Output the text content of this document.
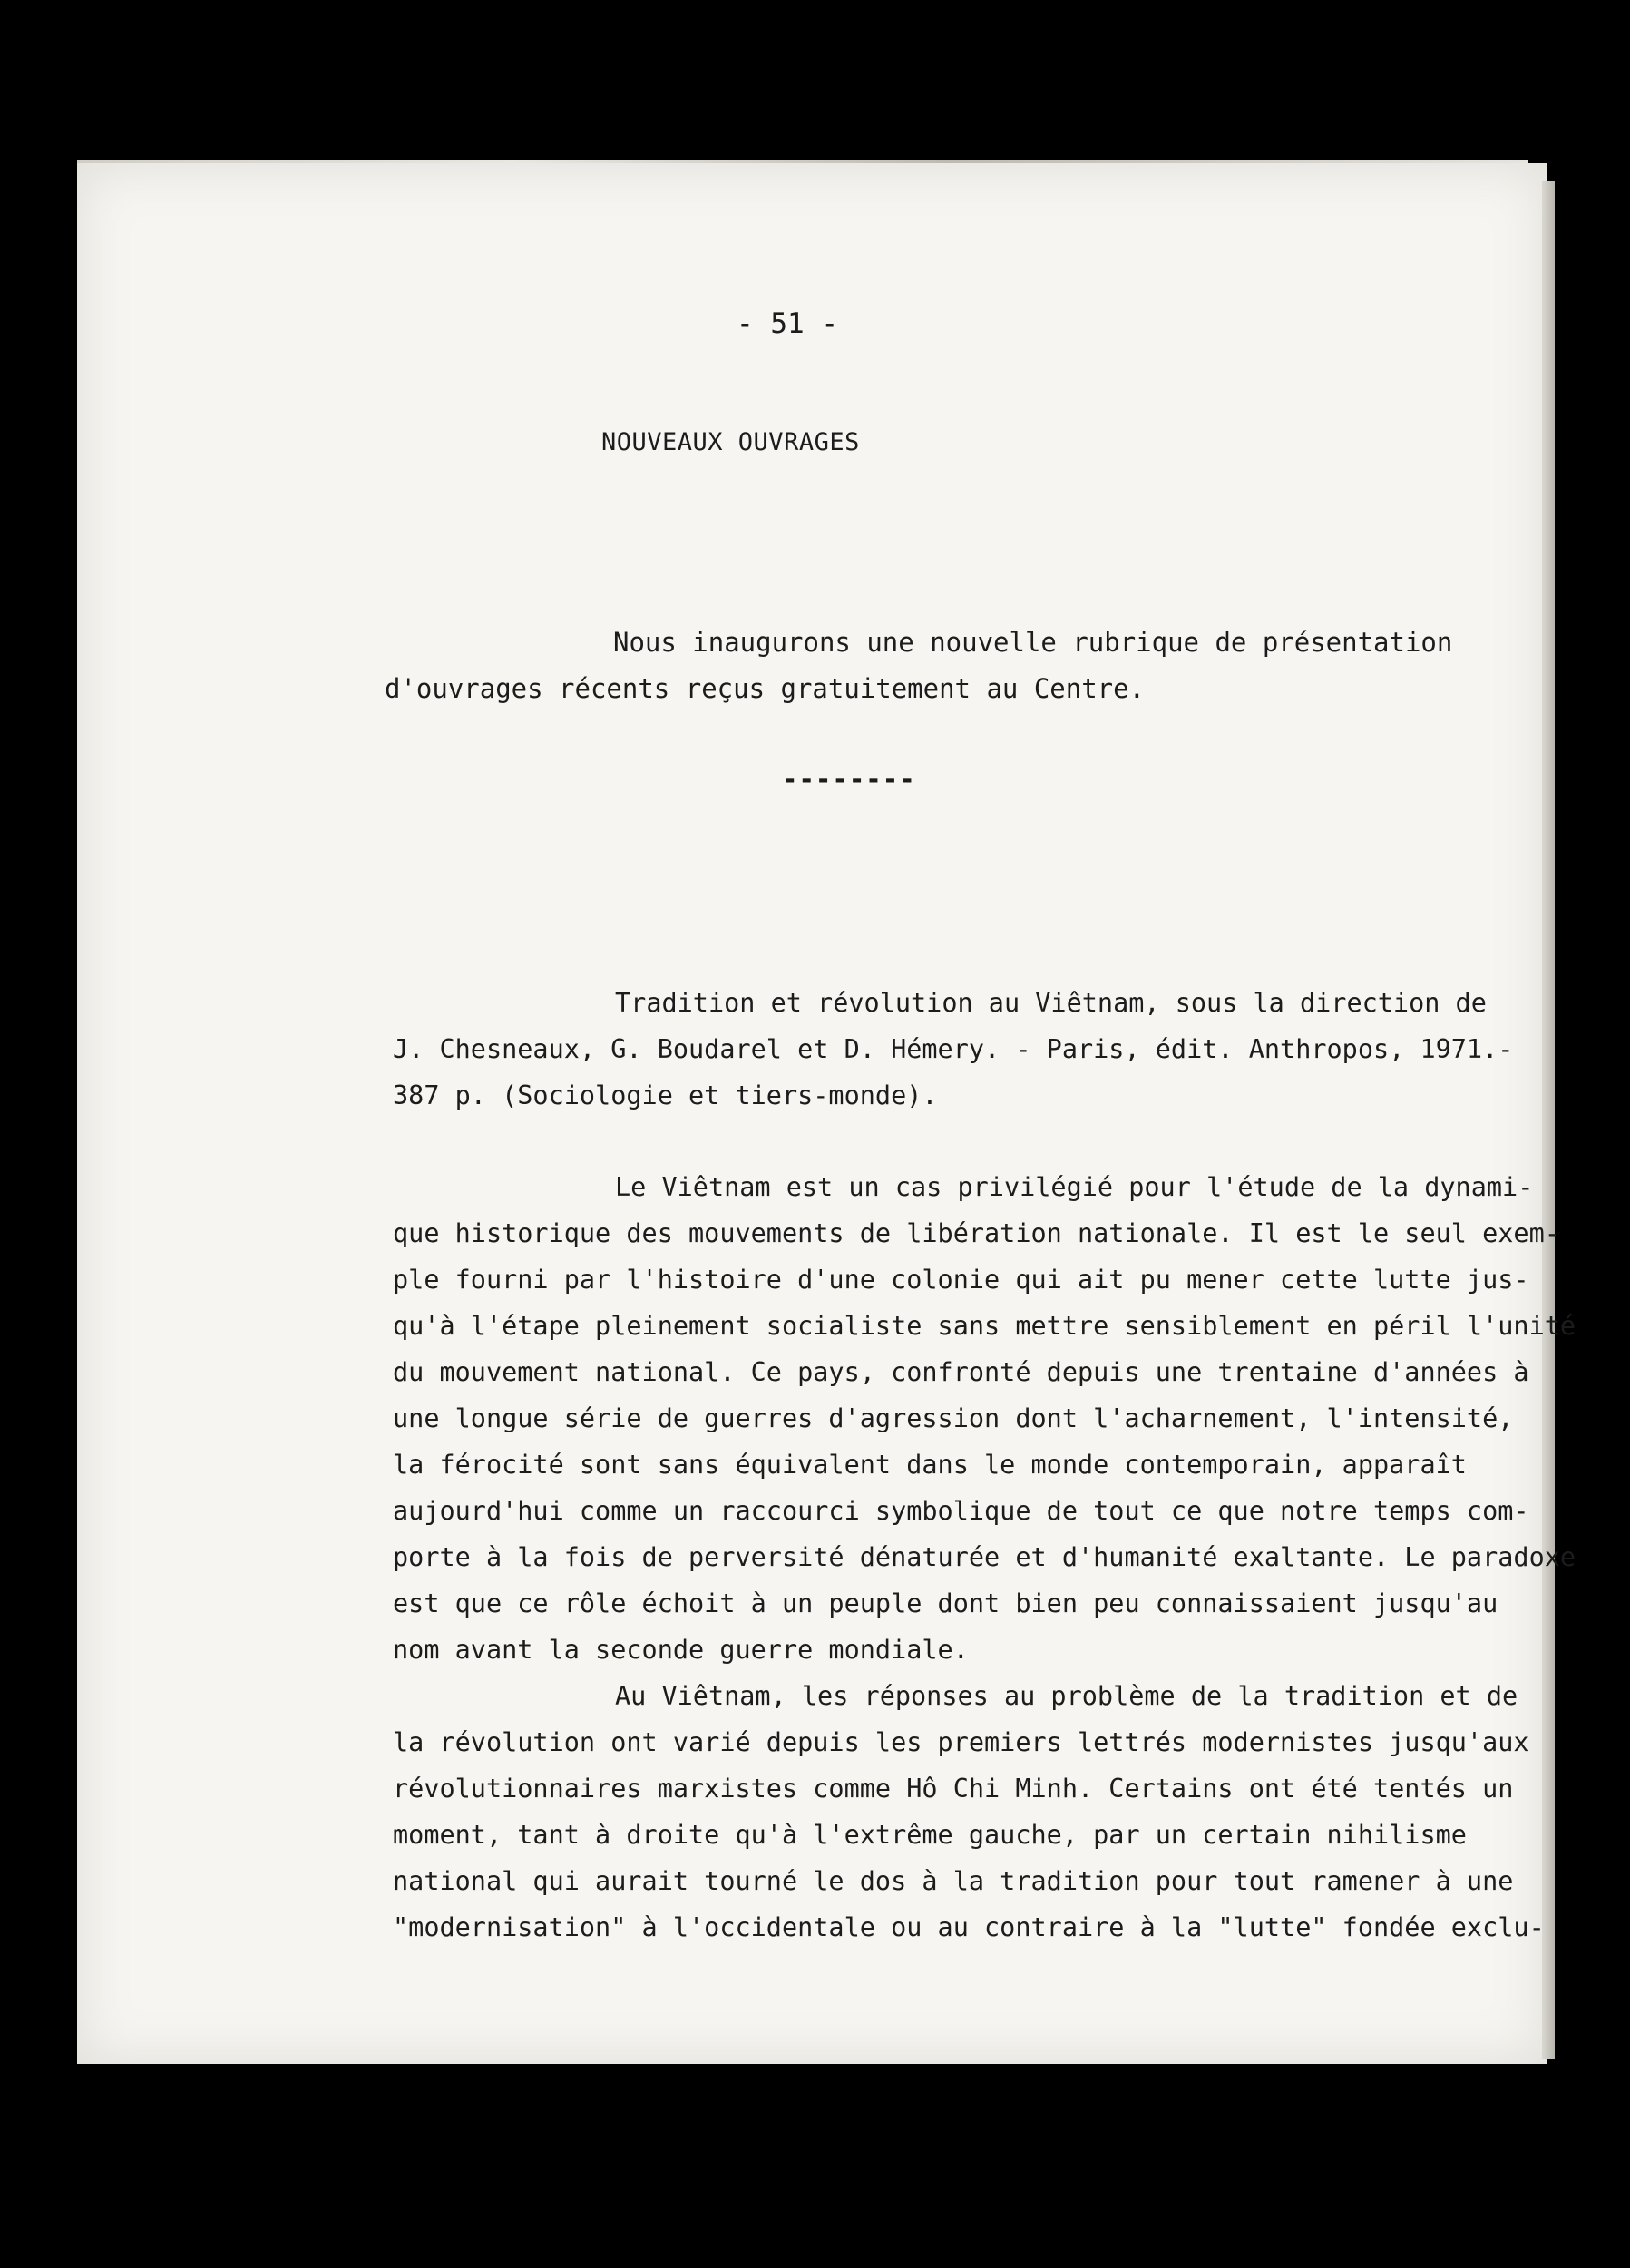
- 51 -

NOUVEAUX OUVRAGES

Nous inaugurons une nouvelle rubrique de présentation

d'ouvrages récents reçus gratuitement au Centre.

--------

Tradition et révolution au Viêtnam, sous la direction de

J. Chesneaux, G. Boudarel et D. Hémery. - Paris, édit. Anthropos, 1971.-

387 p. (Sociologie et tiers-monde).

Le Viêtnam est un cas privilégié pour l'étude de la dynami-

que historique des mouvements de libération nationale. Il est le seul exem-

ple fourni par l'histoire d'une colonie qui ait pu mener cette lutte jus-

qu'à l'étape pleinement socialiste sans mettre sensiblement en péril l'unité

du mouvement national. Ce pays, confronté depuis une trentaine d'années à

une longue série de guerres d'agression dont l'acharnement, l'intensité,

la férocité sont sans équivalent dans le monde contemporain, apparaît

aujourd'hui comme un raccourci symbolique de tout ce que notre temps com-

porte à la fois de perversité dénaturée et d'humanité exaltante. Le paradoxe

est que ce rôle échoit à un peuple dont bien peu connaissaient jusqu'au

nom avant la seconde guerre mondiale.

Au Viêtnam, les réponses au problème de la tradition et de

la révolution ont varié depuis les premiers lettrés modernistes jusqu'aux

révolutionnaires marxistes comme Hô Chi Minh. Certains ont été tentés un

moment, tant à droite qu'à l'extrême gauche, par un certain nihilisme

national qui aurait tourné le dos à la tradition pour tout ramener à une

"modernisation" à l'occidentale ou au contraire à la "lutte" fondée exclu-
